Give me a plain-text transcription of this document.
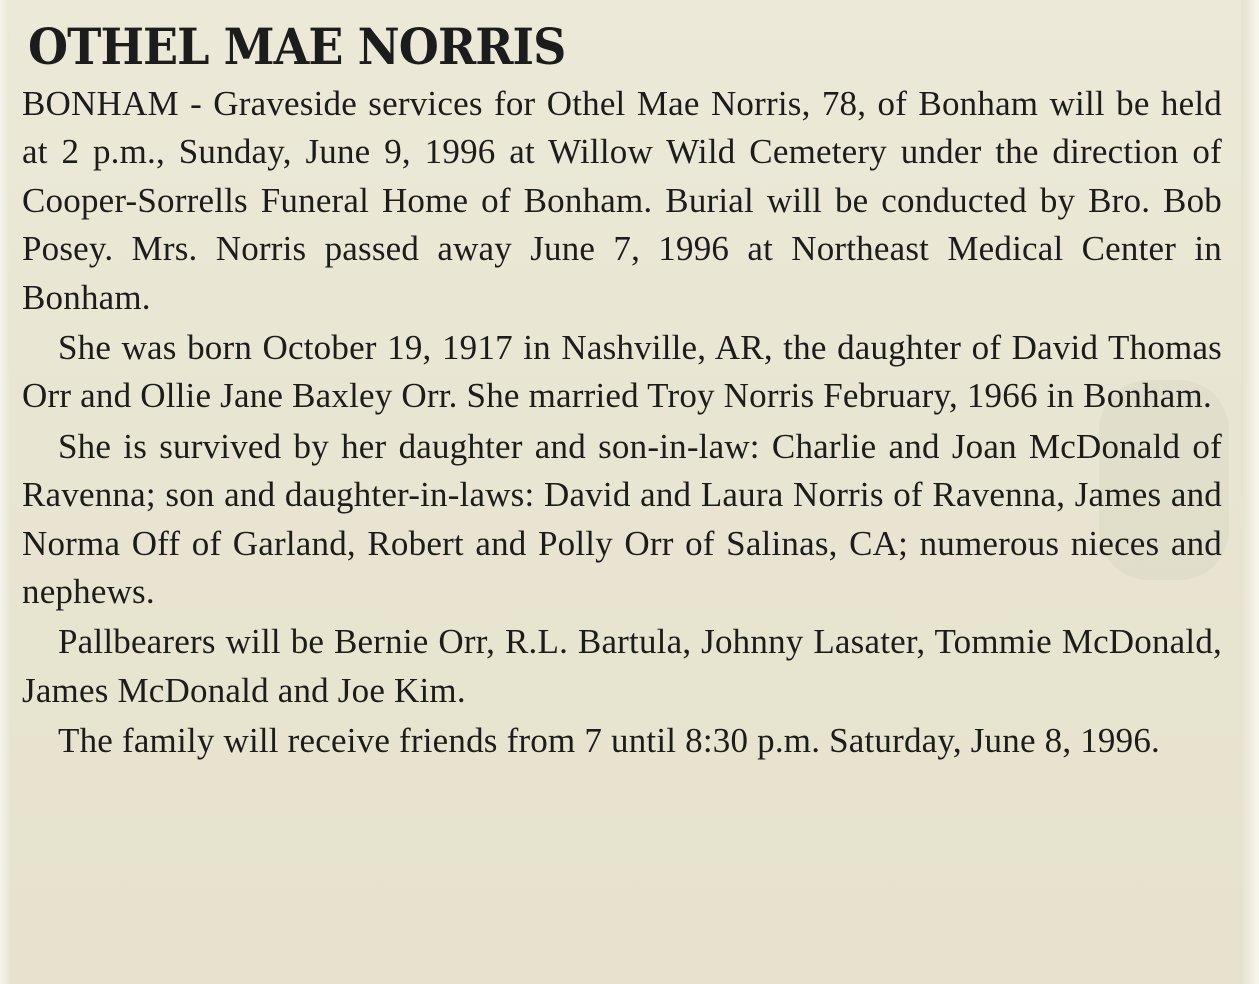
OTHEL MAE NORRIS

BONHAM - Graveside services for Othel Mae Norris, 78, of Bonham will be held at 2 p.m., Sunday, June 9, 1996 at Willow Wild Cemetery under the direction of Cooper-Sorrells Funeral Home of Bonham. Burial will be conducted by Bro. Bob Posey. Mrs. Norris passed away June 7, 1996 at Northeast Medical Center in Bonham.

She was born October 19, 1917 in Nashville, AR, the daughter of David Thomas Orr and Ollie Jane Baxley Orr. She married Troy Norris February, 1966 in Bonham.

She is survived by her daughter and son-in-law: Charlie and Joan McDonald of Ravenna; son and daughter-in-laws: David and Laura Norris of Ravenna, James and Norma Off of Garland, Robert and Polly Orr of Salinas, CA; numerous nieces and nephews.

Pallbearers will be Bernie Orr, R.L. Bartula, Johnny Lasater, Tommie McDonald, James McDonald and Joe Kim.

The family will receive friends from 7 until 8:30 p.m. Saturday, June 8, 1996.
